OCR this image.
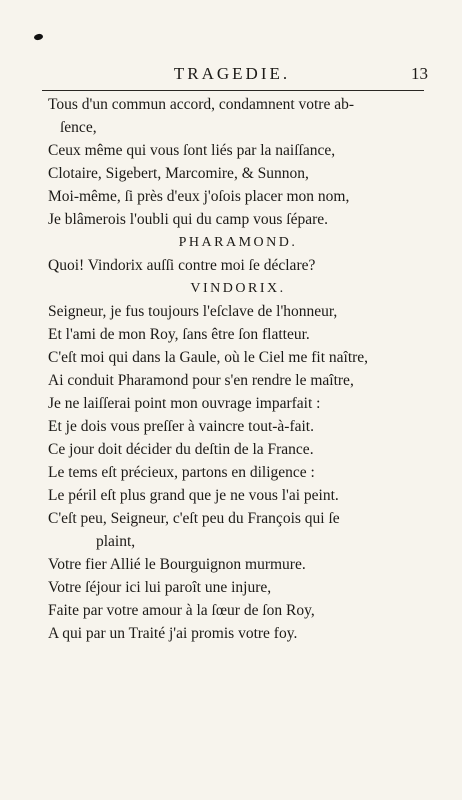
TRAGEDIE.	13
Tous d'un commun accord, condamnent votre ab-
ſence,
Ceux même qui vous ſont liés par la naiſſance,
Clotaire, Sigebert, Marcomire, & Sunnon,
Moi-même, ſi près d'eux j'oſois placer mon nom,
Je blâmerois l'oubli qui du camp vous ſépare.
PHARAMOND.
Quoi! Vindorix auſſi contre moi ſe déclare?
VINDORIX.
Seigneur, je fus toujours l'eſclave de l'honneur,
Et l'ami de mon Roy, ſans être ſon flatteur.
C'eſt moi qui dans la Gaule, où le Ciel me fit naître,
Ai conduit Pharamond pour s'en rendre le maître,
Je ne laiſſerai point mon ouvrage imparfait :
Et je dois vous preſſer à vaincre tout-à-fait.
Ce jour doit décider du deſtin de la France.
Le tems eſt précieux, partons en diligence :
Le péril eſt plus grand que je ne vous l'ai peint.
C'eſt peu, Seigneur, c'eſt peu du François qui ſe
plaint,
Votre fier Allié le Bourguignon murmure.
Votre ſéjour ici lui paroît une injure,
Faite par votre amour à la ſœur de ſon Roy,
A qui par un Traité j'ai promis votre foy.
